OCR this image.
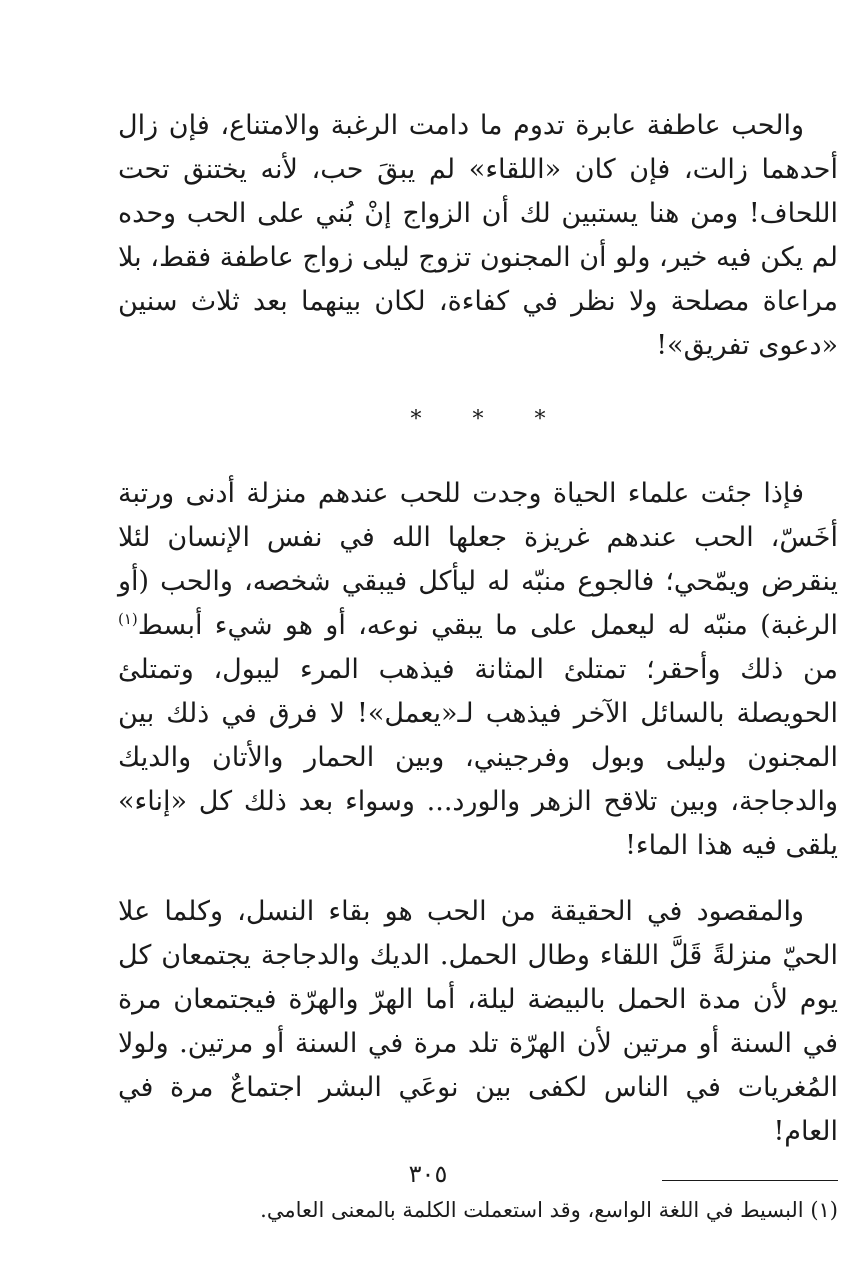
والحب عاطفة عابرة تدوم ما دامت الرغبة والامتناع، فإن زال أحدهما زالت، فإن كان «اللقاء» لم يبقَ حب، لأنه يختنق تحت اللحاف! ومن هنا يستبين لك أن الزواج إنْ بُني على الحب وحده لم يكن فيه خير، ولو أن المجنون تزوج ليلى زواج عاطفة فقط، بلا مراعاة مصلحة ولا نظر في كفاءة، لكان بينهما بعد ثلاث سنين «دعوى تفريق»!

* * *

فإذا جئت علماء الحياة وجدت للحب عندهم منزلة أدنى ورتبة أخَسّ، الحب عندهم غريزة جعلها الله في نفس الإنسان لئلا ينقرض ويمّحي؛ فالجوع منبّه له ليأكل فيبقي شخصه، والحب (أو الرغبة) منبّه له ليعمل على ما يبقي نوعه، أو هو شيء أبسط$^{(١)}$ من ذلك وأحقر؛ تمتلئ المثانة فيذهب المرء ليبول، وتمتلئ الحويصلة بالسائل الآخر فيذهب لـ«يعمل»! لا فرق في ذلك بين المجنون وليلى وبول وفرجيني، وبين الحمار والأتان والديك والدجاجة، وبين تلاقح الزهر والورد... وسواء بعد ذلك كل «إناء» يلقى فيه هذا الماء!

والمقصود في الحقيقة من الحب هو بقاء النسل، وكلما علا الحيّ منزلةً قَلَّ اللقاء وطال الحمل. الديك والدجاجة يجتمعان كل يوم لأن مدة الحمل بالبيضة ليلة، أما الهرّ والهرّة فيجتمعان مرة في السنة أو مرتين لأن الهرّة تلد مرة في السنة أو مرتين. ولولا المُغريات في الناس لكفى بين نوعَي البشر اجتماعٌ مرة في العام!

(١) البسيط في اللغة الواسع، وقد استعملت الكلمة بالمعنى العامي.

٣٠٥
